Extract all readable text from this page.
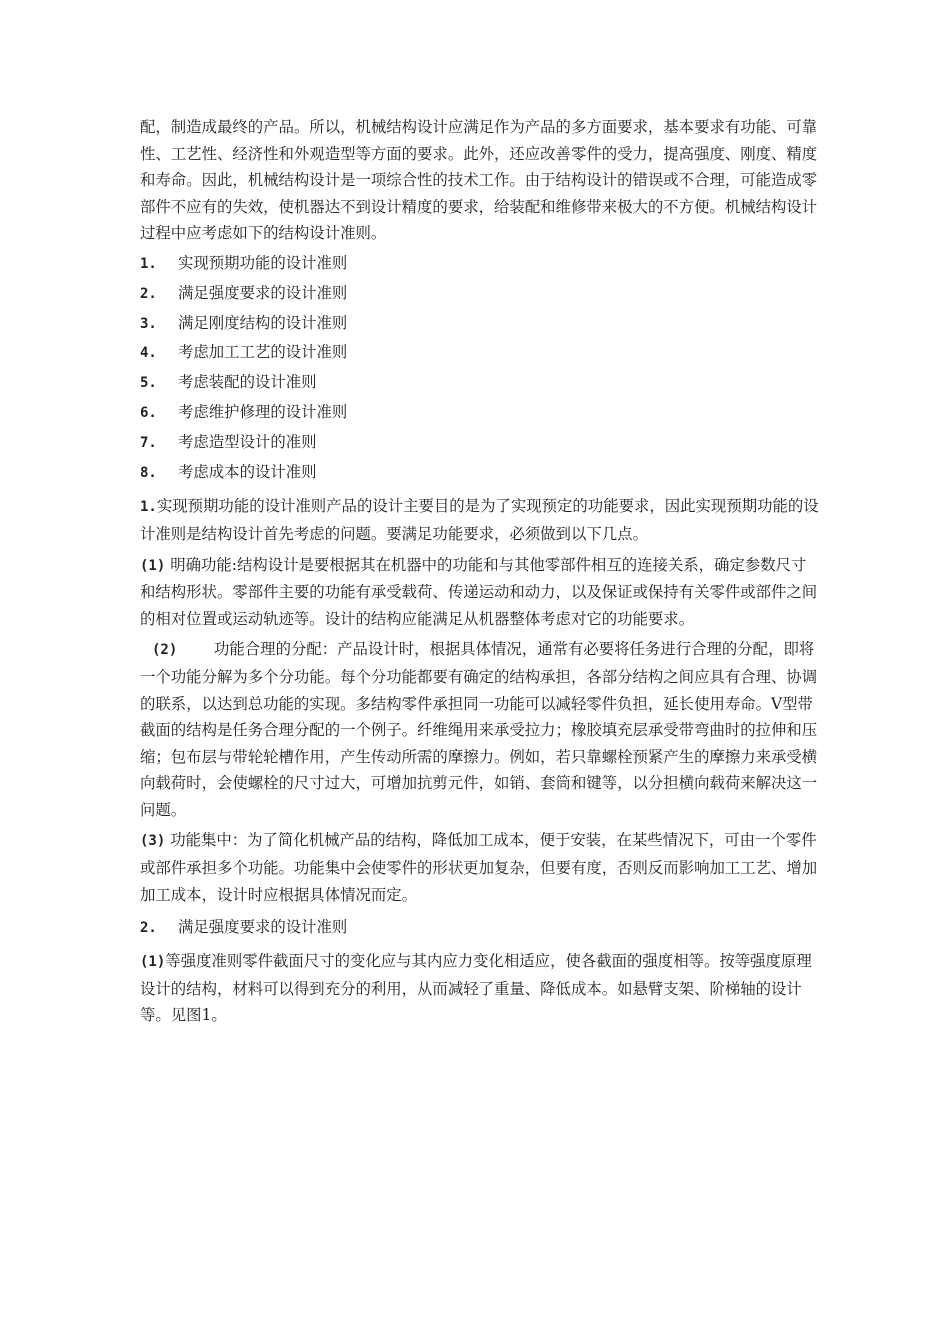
配，制造成最终的产品。所以，机械结构设计应满足作为产品的多方面要求，基本要求有功能、可靠性、工艺性、经济性和外观造型等方面的要求。此外，还应改善零件的受力，提高强度、刚度、精度和寿命。因此，机械结构设计是一项综合性的技术工作。由于结构设计的错误或不合理，可能造成零部件不应有的失效，使机器达不到设计精度的要求，给装配和维修带来极大的不方便。机械结构设计过程中应考虑如下的结构设计准则。

1. 实现预期功能的设计准则
2. 满足强度要求的设计准则
3. 满足刚度结构的设计准则
4. 考虑加工工艺的设计准则
5. 考虑装配的设计准则
6. 考虑维护修理的设计准则
7. 考虑造型设计的准则
8. 考虑成本的设计准则

1.实现预期功能的设计准则产品的设计主要目的是为了实现预定的功能要求，因此实现预期功能的设计准则是结构设计首先考虑的问题。要满足功能要求，必须做到以下几点。

(1) 明确功能:结构设计是要根据其在机器中的功能和与其他零部件相互的连接关系，确定参数尺寸和结构形状。零部件主要的功能有承受载荷、传递运动和动力，以及保证或保持有关零件或部件之间的相对位置或运动轨迹等。设计的结构应能满足从机器整体考虑对它的功能要求。

(2) 功能合理的分配：产品设计时，根据具体情况，通常有必要将任务进行合理的分配，即将一个功能分解为多个分功能。每个分功能都要有确定的结构承担，各部分结构之间应具有合理、协调的联系，以达到总功能的实现。多结构零件承担同一功能可以减轻零件负担，延长使用寿命。V型带截面的结构是任务合理分配的一个例子。纤维绳用来承受拉力；橡胶填充层承受带弯曲时的拉伸和压缩；包布层与带轮轮槽作用，产生传动所需的摩擦力。例如，若只靠螺栓预紧产生的摩擦力来承受横向载荷时，会使螺栓的尺寸过大，可增加抗剪元件，如销、套筒和键等，以分担横向载荷来解决这一问题。

(3) 功能集中：为了简化机械产品的结构，降低加工成本，便于安装，在某些情况下，可由一个零件或部件承担多个功能。功能集中会使零件的形状更加复杂，但要有度，否则反而影响加工工艺、增加加工成本，设计时应根据具体情况而定。

2. 满足强度要求的设计准则

(1)等强度准则零件截面尺寸的变化应与其内应力变化相适应，使各截面的强度相等。按等强度原理设计的结构，材料可以得到充分的利用，从而减轻了重量、降低成本。如悬臂支架、阶梯轴的设计等。见图1。
